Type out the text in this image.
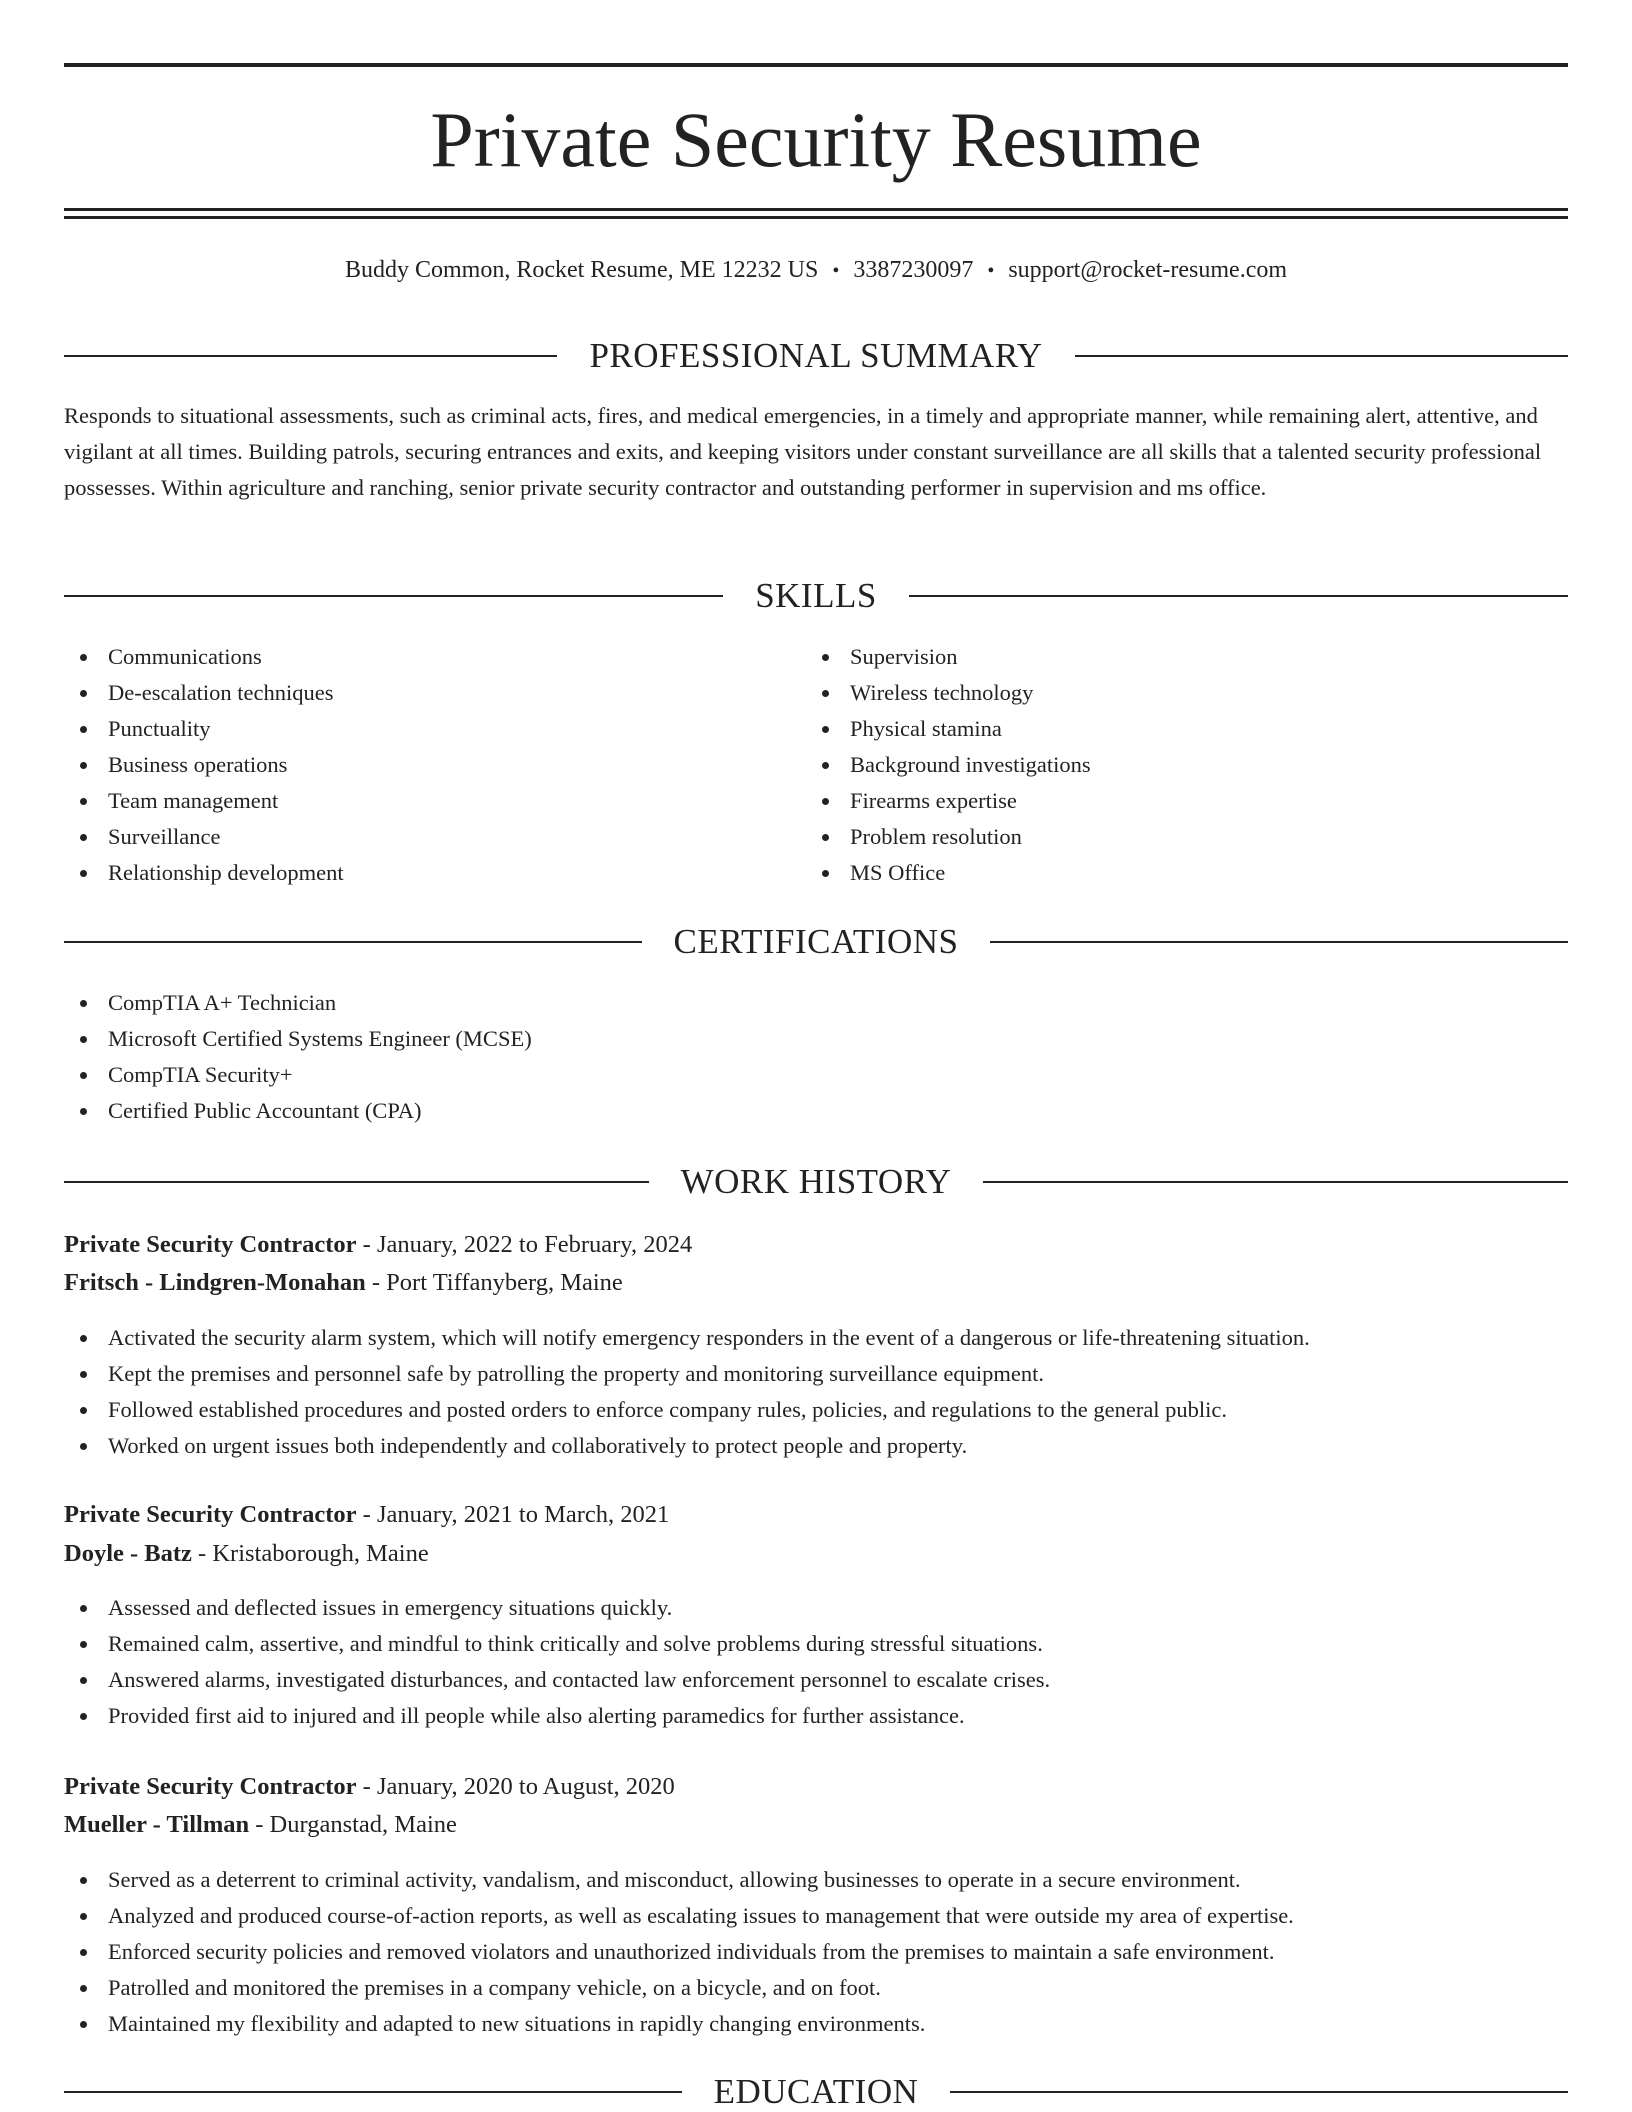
Private Security Resume
Buddy Common, Rocket Resume, ME 12232 US • 3387230097 • support@rocket-resume.com
PROFESSIONAL SUMMARY

Responds to situational assessments, such as criminal acts, fires, and medical emergencies, in a timely and appropriate manner, while remaining alert, attentive, and vigilant at all times. Building patrols, securing entrances and exits, and keeping visitors under constant surveillance are all skills that a talented security professional possesses. Within agriculture and ranching, senior private security contractor and outstanding performer in supervision and ms office.

SKILLS
Communications
De-escalation techniques
Punctuality
Business operations
Team management
Surveillance
Relationship development
Supervision
Wireless technology
Physical stamina
Background investigations
Firearms expertise
Problem resolution
MS Office
CERTIFICATIONS
CompTIA A+ Technician
Microsoft Certified Systems Engineer (MCSE)
CompTIA Security+
Certified Public Accountant (CPA)
WORK HISTORY
Private Security Contractor - January, 2022 to February, 2024
Fritsch - Lindgren-Monahan - Port Tiffanyberg, Maine
Activated the security alarm system, which will notify emergency responders in the event of a dangerous or life-threatening situation.
Kept the premises and personnel safe by patrolling the property and monitoring surveillance equipment.
Followed established procedures and posted orders to enforce company rules, policies, and regulations to the general public.
Worked on urgent issues both independently and collaboratively to protect people and property.
Private Security Contractor - January, 2021 to March, 2021
Doyle - Batz - Kristaborough, Maine
Assessed and deflected issues in emergency situations quickly.
Remained calm, assertive, and mindful to think critically and solve problems during stressful situations.
Answered alarms, investigated disturbances, and contacted law enforcement personnel to escalate crises.
Provided first aid to injured and ill people while also alerting paramedics for further assistance.
Private Security Contractor - January, 2020 to August, 2020
Mueller - Tillman - Durganstad, Maine
Served as a deterrent to criminal activity, vandalism, and misconduct, allowing businesses to operate in a secure environment.
Analyzed and produced course-of-action reports, as well as escalating issues to management that were outside my area of expertise.
Enforced security policies and removed violators and unauthorized individuals from the premises to maintain a safe environment.
Patrolled and monitored the premises in a company vehicle, on a bicycle, and on foot.
Maintained my flexibility and adapted to new situations in rapidly changing environments.
EDUCATION
